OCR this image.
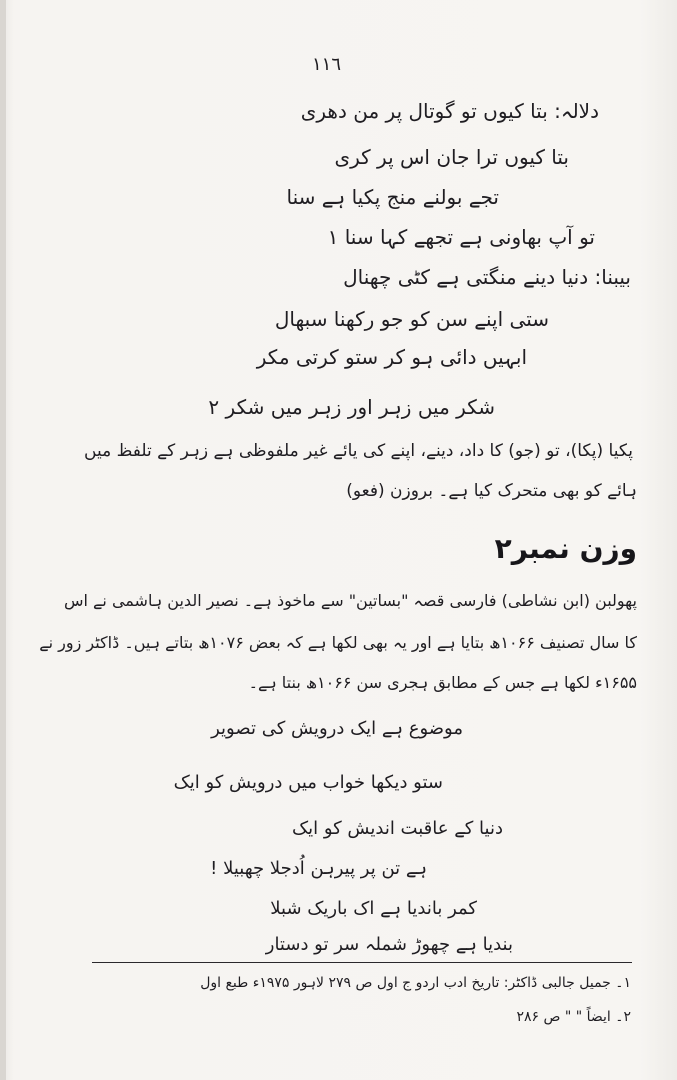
١١٦
دلالہ: بتا کیوں تو گوتال پر من دھری
بتا کیوں ترا جان اس پر کری
تجے بولنے منج پکیا ہے سنا
تو آپ بھاونی ہے تجھے کہا سنا ۱
بیبنا: دنیا دینے منگتی ہے کٹی چھنال
ستی اپنے سن کو جو رکھنا سبھال
ابہیں دائی ہو کر ستو کرتی مکر
شکر میں زہر اور زہر میں شکر ۲
پکیا (پکا)، تو (جو) کا داد، دینے، اپنے کی یائے غیر ملفوظی ہے زہر کے تلفظ میں
ہائے کو بھی متحرک کیا ہے۔ بروزن (فعو)
وزن نمبر۲
پھولبن (ابن نشاطی) فارسی قصہ "بساتین" سے ماخوذ ہے۔ نصیر الدین ہاشمی نے اس
کا سال تصنیف ۱۰۶۶ھ بتایا ہے اور یہ بھی لکھا ہے کہ بعض ۱۰۷۶ھ بتاتے ہیں۔ ڈاکٹر زور نے
۱۶۵۵ء لکھا ہے جس کے مطابق ہجری سن ۱۰۶۶ھ بنتا ہے۔
موضوع ہے ایک درویش کی تصویر
ستو دیکھا خواب میں درویش کو ایک
دنیا کے عاقبت اندیش کو ایک
ہے تن پر پیرہن اُدجلا چھبیلا !
کمر باندیا ہے اک باریک شبلا
بندیا ہے چھوڑ شملہ سر تو دستار
۱۔ جمیل جالبی ڈاکٹر: تاریخ ادب اردو ج اول ص ۲۷۹ لاہور ۱۹۷۵ء طبع اول
۲۔ ایضاً " " ص ۲۸۶
